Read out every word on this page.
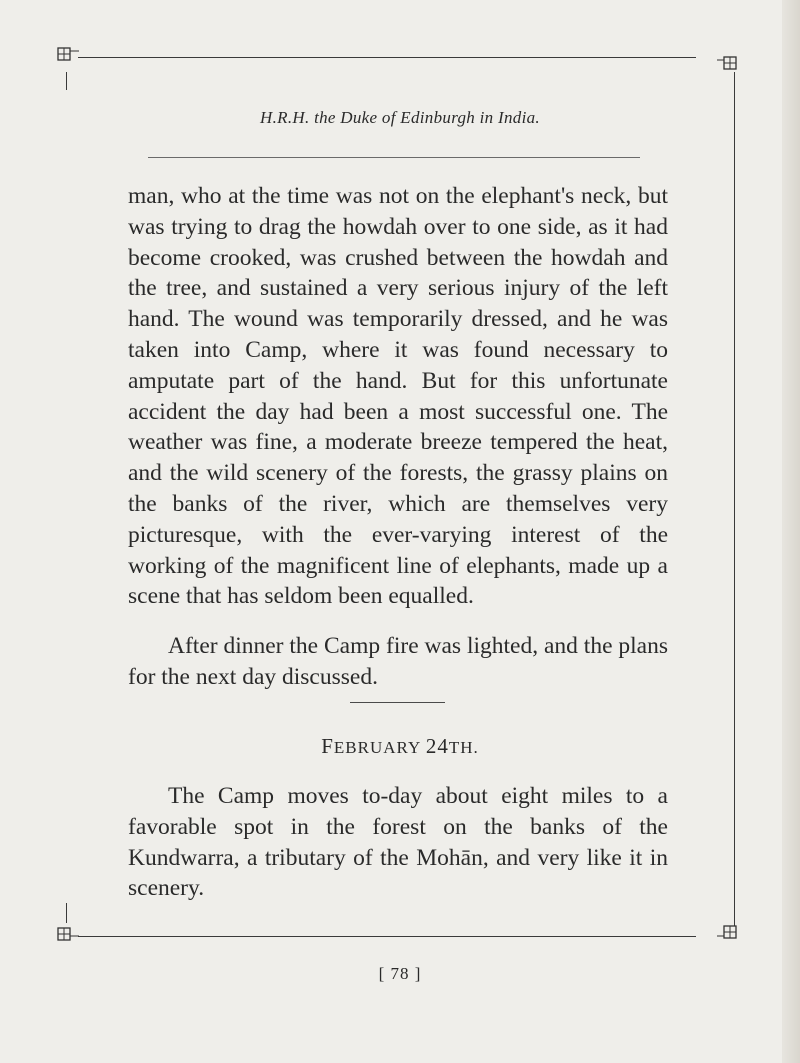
H.R.H. the Duke of Edinburgh in India.

man, who at the time was not on the elephant's neck, but was trying to drag the howdah over to one side, as it had become crooked, was crushed between the howdah and the tree, and sustained a very serious injury of the left hand. The wound was temporarily dressed, and he was taken into Camp, where it was found necessary to amputate part of the hand. But for this unfortunate accident the day had been a most successful one. The weather was fine, a moderate breeze tempered the heat, and the wild scenery of the forests, the grassy plains on the banks of the river, which are themselves very picturesque, with the ever-varying interest of the working of the magnificent line of elephants, made up a scene that has seldom been equalled.

After dinner the Camp fire was lighted, and the plans for the next day discussed.

FEBRUARY 24TH.

The Camp moves to-day about eight miles to a favorable spot in the forest on the banks of the Kundwarra, a tributary of the Mohān, and very like it in scenery.

[ 78 ]
